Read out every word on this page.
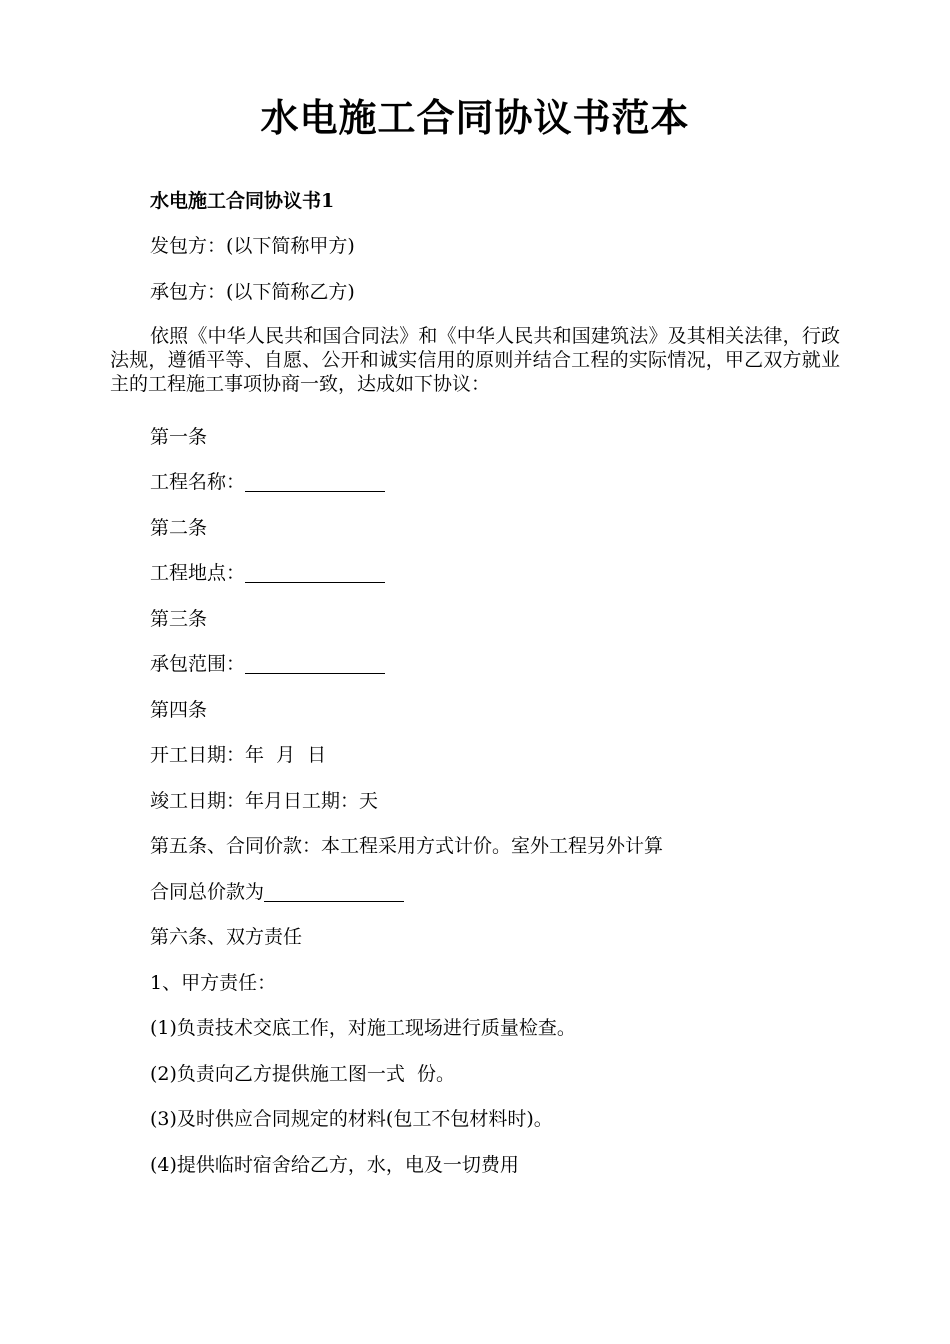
水电施工合同协议书范本
水电施工合同协议书1
发包方：(以下简称甲方)
承包方：(以下简称乙方)
依照《中华人民共和国合同法》和《中华人民共和国建筑法》及其相关法律，行政法规，遵循平等、自愿、公开和诚实信用的原则并结合工程的实际情况，甲乙双方就业主的工程施工事项协商一致，达成如下协议：
第一条
工程名称：
第二条
工程地点：
第三条
承包范围：
第四条
开工日期：年  月  日
竣工日期：年月日工期：天
第五条、合同价款：本工程采用方式计价。室外工程另外计算
合同总价款为
第六条、双方责任
1、甲方责任：
(1)负责技术交底工作，对施工现场进行质量检查。
(2)负责向乙方提供施工图一式  份。
(3)及时供应合同规定的材料(包工不包材料时)。
(4)提供临时宿舍给乙方，水，电及一切费用
